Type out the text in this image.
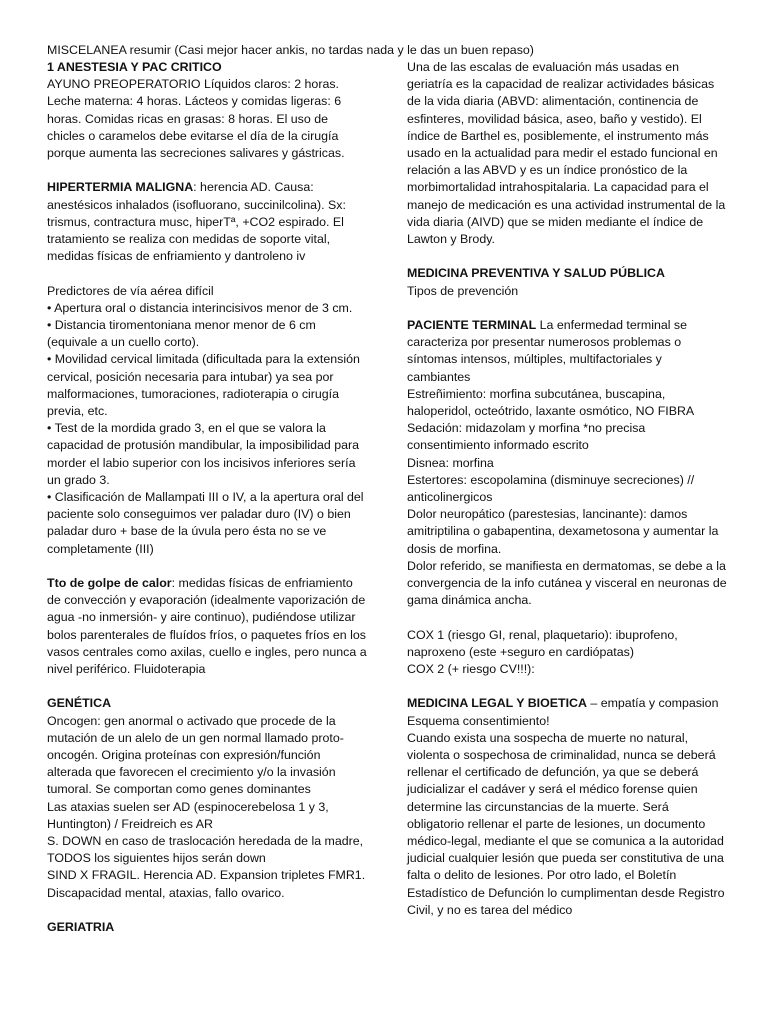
MISCELANEA resumir (Casi mejor hacer ankis, no tardas nada y le das un buen repaso)

1 ANESTESIA Y PAC CRITICO

AYUNO PREOPERATORIO Líquidos claros: 2 horas. Leche materna: 4 horas. Lácteos y comidas ligeras: 6 horas. Comidas ricas en grasas: 8 horas. El uso de chicles o caramelos debe evitarse el día de la cirugía porque aumenta las secreciones salivares y gástricas.

HIPERTERMIA MALIGNA: herencia AD. Causa: anestésicos inhalados (isofluorano, succinilcolina). Sx: trismus, contractura musc, hiperTª, +CO2 espirado. El tratamiento se realiza con medidas de soporte vital, medidas físicas de enfriamiento y dantroleno iv

Predictores de vía aérea difícil

• Apertura oral o distancia interincisivos menor de 3 cm.

• Distancia tiromentoniana menor menor de 6 cm (equivale a un cuello corto).

• Movilidad cervical limitada (dificultada para la extensión cervical, posición necesaria para intubar) ya sea por malformaciones, tumoraciones, radioterapia o cirugía previa, etc.

• Test de la mordida grado 3, en el que se valora la capacidad de protusión mandibular, la imposibilidad para morder el labio superior con los incisivos inferiores sería un grado 3.

• Clasificación de Mallampati III o IV, a la apertura oral del paciente solo conseguimos ver paladar duro (IV) o bien paladar duro + base de la úvula pero ésta no se ve completamente (III)

Tto de golpe de calor: medidas físicas de enfriamiento de convección y evaporación (idealmente vaporización de agua -no inmersión- y aire continuo), pudiéndose utilizar bolos parenterales de fluídos fríos, o paquetes fríos en los vasos centrales como axilas, cuello e ingles, pero nunca a nivel periférico. Fluidoterapia

GENÉTICA

Oncogen: gen anormal o activado que procede de la mutación de un alelo de un gen normal llamado proto-oncogén. Origina proteínas con expresión/función alterada que favorecen el crecimiento y/o la invasión tumoral. Se comportan como genes dominantes

Las ataxias suelen ser AD (espinocerebelosa 1 y 3, Huntington) / Freidreich es AR

S. DOWN en caso de traslocación heredada de la madre, TODOS los siguientes hijos serán down

SIND X FRAGIL. Herencia AD. Expansion tripletes FMR1. Discapacidad mental, ataxias, fallo ovarico.

GERIATRIA

Una de las escalas de evaluación más usadas en geriatría es la capacidad de realizar actividades básicas de la vida diaria (ABVD: alimentación, continencia de esfinteres, movilidad básica, aseo, baño y vestido). El índice de Barthel es, posiblemente, el instrumento más usado en la actualidad para medir el estado funcional en relación a las ABVD y es un índice pronóstico de la morbimortalidad intrahospitalaria. La capacidad para el manejo de medicación es una actividad instrumental de la vida diaria (AIVD) que se miden mediante el índice de Lawton y Brody.

MEDICINA PREVENTIVA Y SALUD PÚBLICA

Tipos de prevención

PACIENTE TERMINAL La enfermedad terminal se caracteriza por presentar numerosos problemas o síntomas intensos, múltiples, multifactoriales y cambiantes

Estreñimiento: morfina subcutánea, buscapina, haloperidol, octeótrido, laxante osmótico, NO FIBRA

Sedación: midazolam y morfina *no precisa consentimiento informado escrito

Disnea: morfina

Estertores: escopolamina (disminuye secreciones) // anticolinergicos

Dolor neuropático (parestesias, lancinante): damos amitriptilina o gabapentina, dexametosona y aumentar la dosis de morfina.

Dolor referido, se manifiesta en dermatomas, se debe a la convergencia de la info cutánea y visceral en neuronas de gama dinámica ancha.

COX 1 (riesgo GI, renal, plaquetario): ibuprofeno, naproxeno (este +seguro en cardiópatas)

COX 2 (+ riesgo CV!!!):

MEDICINA LEGAL Y BIOETICA – empatía y compasion

Esquema consentimiento!

Cuando exista una sospecha de muerte no natural, violenta o sospechosa de criminalidad, nunca se deberá rellenar el certificado de defunción, ya que se deberá judicializar el cadáver y será el médico forense quien determine las circunstancias de la muerte. Será obligatorio rellenar el parte de lesiones, un documento médico-legal, mediante el que se comunica a la autoridad judicial cualquier lesión que pueda ser constitutiva de una falta o delito de lesiones. Por otro lado, el Boletín Estadístico de Defunción lo cumplimentan desde Registro Civil, y no es tarea del médico
